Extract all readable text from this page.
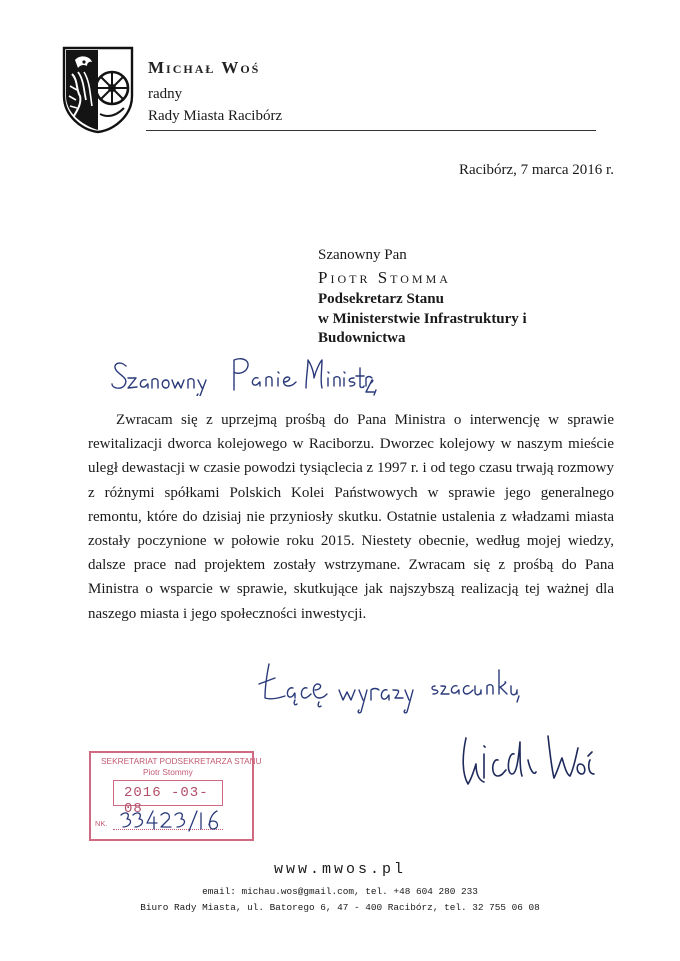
Michał Woś
radny
Rady Miasta Racibórz
Racibórz, 7 marca 2016 r.
Szanowny Pan
Piotr Stomma
Podsekretarz Stanu
w Ministerstwie Infrastruktury i
Budownictwa

Zwracam się z uprzejmą prośbą do Pana Ministra o interwencję w sprawie rewitalizacji dworca kolejowego w Raciborzu. Dworzec kolejowy w naszym mieście uległ dewastacji w czasie powodzi tysiąclecia z 1997 r. i od tego czasu trwają rozmowy z różnymi spółkami Polskich Kolei Państwowych w sprawie jego generalnego remontu, które do dzisiaj nie przyniosły skutku. Ostatnie ustalenia z władzami miasta zostały poczynione w połowie roku 2015. Niestety obecnie, według mojej wiedzy, dalsze prace nad projektem zostały wstrzymane. Zwracam się z prośbą do Pana Ministra o wsparcie w sprawie, skutkujące jak najszybszą realizacją tej ważnej dla naszego miasta i jego społeczności inwestycji.

SEKRETARIAT PODSEKRETARZA STANU
Piotr Stommy
2016 -03- 08
NK.
www.mwos.pl
email: michau.wos@gmail.com, tel. +48 604 280 233
Biuro Rady Miasta, ul. Batorego 6, 47 - 400 Racibórz, tel. 32 755 06 08
